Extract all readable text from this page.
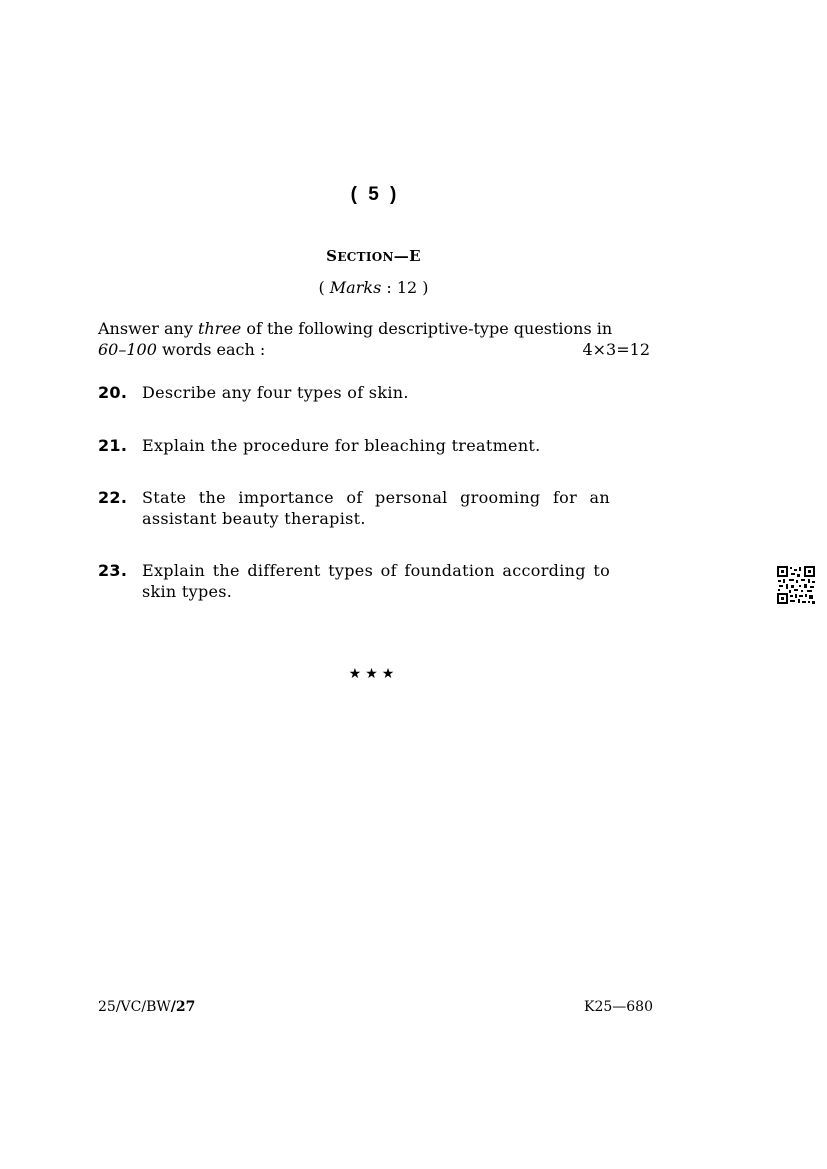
( 5 )
SECTION—E
( Marks : 12 )
Answer any three of the following descriptive-type questions in
60–100 words each :	4×3=12
20. Describe any four types of skin.
21. Explain the procedure for bleaching treatment.
22. State the importance of personal grooming for an assistant beauty therapist.
23. Explain the different types of foundation according to skin types.
★★★
25/VC/BW/27	K25—680
